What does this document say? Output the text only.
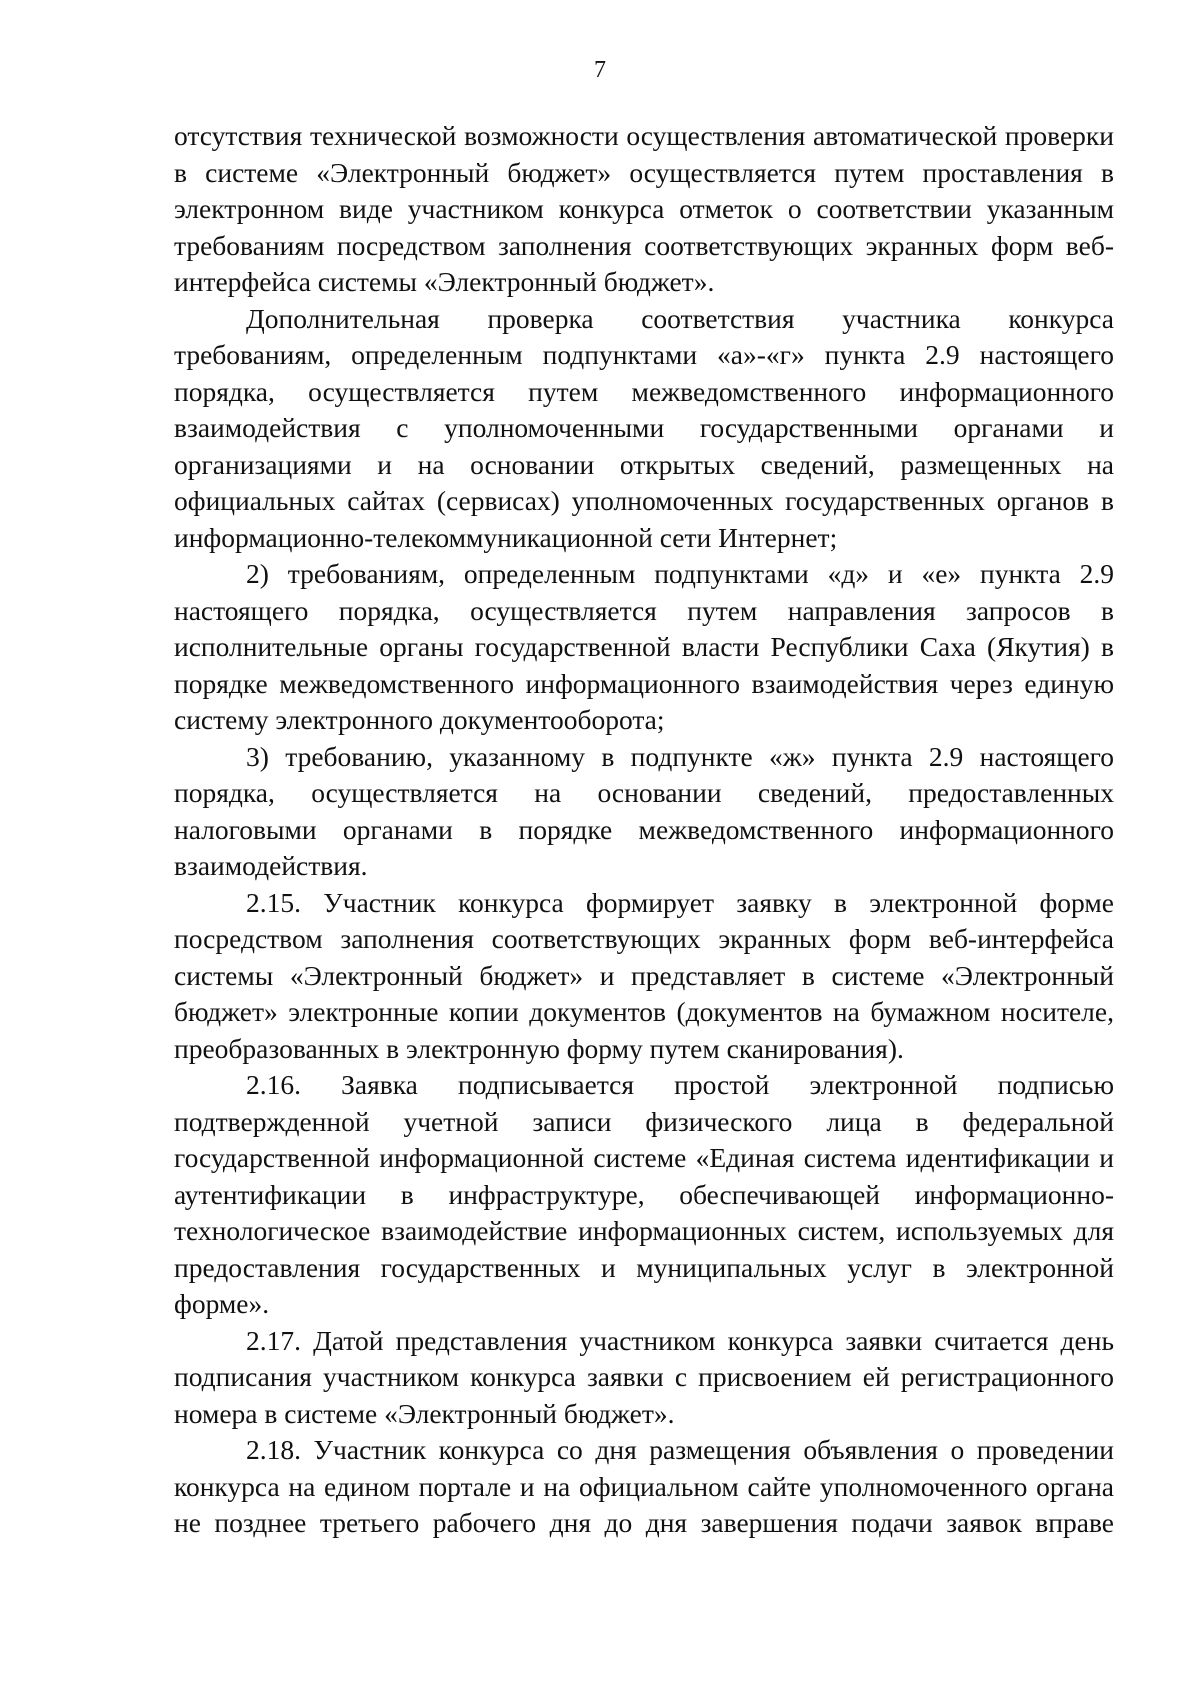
7

отсутствия технической возможности осуществления автоматической проверки в системе «Электронный бюджет» осуществляется путем проставления в электронном виде участником конкурса отметок о соответствии указанным требованиям посредством заполнения соответствующих экранных форм веб-интерфейса системы «Электронный бюджет».

Дополнительная проверка соответствия участника конкурса требованиям, определенным подпунктами «а»-«г» пункта 2.9 настоящего порядка, осуществляется путем межведомственного информационного взаимодействия с уполномоченными государственными органами и организациями и на основании открытых сведений, размещенных на официальных сайтах (сервисах) уполномоченных государственных органов в информационно-телекоммуникационной сети Интернет;

2) требованиям, определенным подпунктами «д» и «е» пункта 2.9 настоящего порядка, осуществляется путем направления запросов в исполнительные органы государственной власти Республики Саха (Якутия) в порядке межведомственного информационного взаимодействия через единую систему электронного документооборота;

3) требованию, указанному в подпункте «ж» пункта 2.9 настоящего порядка, осуществляется на основании сведений, предоставленных налоговыми органами в порядке межведомственного информационного взаимодействия.

2.15. Участник конкурса формирует заявку в электронной форме посредством заполнения соответствующих экранных форм веб-интерфейса системы «Электронный бюджет» и представляет в системе «Электронный бюджет» электронные копии документов (документов на бумажном носителе, преобразованных в электронную форму путем сканирования).

2.16. Заявка подписывается простой электронной подписью подтвержденной учетной записи физического лица в федеральной государственной информационной системе «Единая система идентификации и аутентификации в инфраструктуре, обеспечивающей информационно-технологическое взаимодействие информационных систем, используемых для предоставления государственных и муниципальных услуг в электронной форме».

2.17. Датой представления участником конкурса заявки считается день подписания участником конкурса заявки с присвоением ей регистрационного номера в системе «Электронный бюджет».

2.18. Участник конкурса со дня размещения объявления о проведении конкурса на едином портале и на официальном сайте уполномоченного органа не позднее третьего рабочего дня до дня завершения подачи заявок вправе
